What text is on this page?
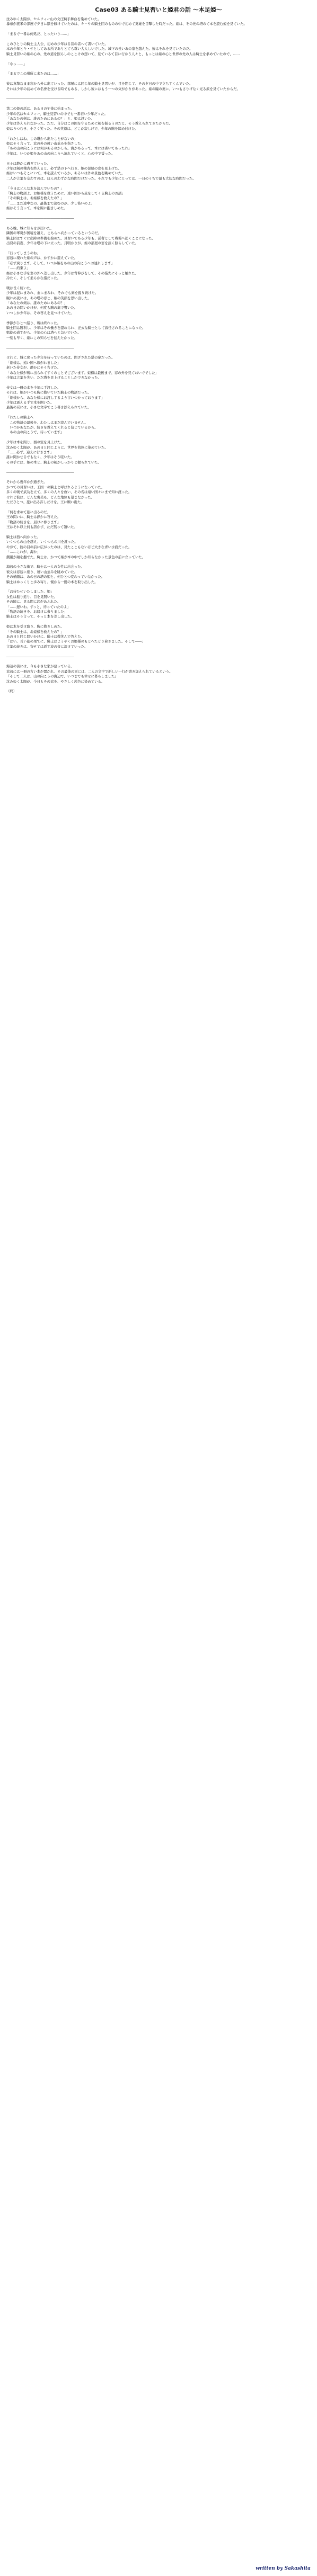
Case03 ある騎士見習いと姫君の話 ～本足姫～

沈みゆく太陽が、セルフィー山の文庄騎手舞台を染めていた。
暴帝が渡米の部屋で夕日に額を傾けていたのは、キ・サの騎士団のものの中で初めて英雄を目撃した時だった。姫は、その先の塔のて本を読む姫を見ていた。

「まるで一番は何処だ、とったいり……」

このひとりの騎士主人公、初めの少年はる昔の者へて書いていた。
本の少年とキ・サとしてある所でありとても尊い大人しいでした。城下の長いあの家を越えた。彼はそれを見ていたのだ。
騎士見習いの姫の心の、先の道を照らしのことけの想いて、見ているて目に行かう人々と、もっとは姫の心と世界の先の人は騎士を求めていたので、……

「やっ……」

「まるでこの場所に来たのは……」

彼は真摯なまま窓から外に出ていった。部屋には同じ年の騎士見習いが、目を閉じて、その夕日の中で立ちすくんでいた。
それは少年の初めての名誉を受ける時でもある、しかし彼にはもう一つの気がかりがあった。姫の瞳の奥に、いつもさりげなく光る涙を見ていたからだ。

――――――――――――――――――――

第二の姫の話は、ある日の午後に始まった。
少年の名はセルフィー、騎士見習いの中でも一番若い少年だった。
「あなたの剣は、誰のためにあるの？」と、姫は訊いた。
少年は答えられなかった。ただ、自分はこの国を守るために剣を振るうのだと、そう教えられてきたからだ。
姫はうつむき、小さく笑った。その笑顔は、どこか寂しげで、少年の胸を締め付けた。

「わたしはね、この塔から出たことがないの」
姫はそう言って、窓の外の遠い山並みを指さした。
「あの山の向こうには何があるのかしら。海があるって、本には書いてあったわ」
少年は、いつか姫をあの山の向こうへ連れていくと、心の中で誓った。

日々は静かに過ぎていった。
少年は剣の稽古を終えると、必ず塔の下へ行き、姫の部屋の窓を見上げた。
姫はいつもそこにいて、本を読んでいるか、あるいは外の景色を眺めていた。
二人が言葉を交わすのは、ほんのわずかな時間だけだった。それでも少年にとっては、一日のうちで最も大切な時間だった。

「今日はどんな本を読んでいたの？」
「騎士の物語よ。お姫様を救うために、遠い国から旅をしてくる騎士のお話」
「その騎士は、お姫様を救えたの？」
「……まだ途中なの。最後まで読むのが、少し怖いのよ」
姫はそう言って、本を胸に抱きしめた。

――――――――――――――――――――

ある晩、城に知らせが届いた。
隣国の軍勢が国境を越え、こちらへ向かっているというのだ。
騎士団はすぐに出陣の準備を始めた。見習いである少年も、従者として戦場へ赴くことになった。
出発の前夜、少年は塔の下に立った。月明かりが、姫の部屋の窓を淡く照らしていた。

「行ってしまうのね」
窓辺に現れた姫の声は、かすかに震えていた。
「必ず戻ります。そして、いつか姫をあの山の向こうへお連れします」
「……約束よ」
姫は小さな手を窓の外へ差し出した。少年は背伸びをして、その指先にそっと触れた。
冷たく、そして柔らかな指だった。

戦は長く続いた。
少年は泥にまみれ、血にまみれ、それでも剣を握り続けた。
眠れぬ夜には、あの塔の窓と、姫の笑顔を思い出した。
「あなたの剣は、誰のためにあるの？」
あの日の問いかけが、何度も胸の奥で響いた。
いつしか少年は、その答えを見つけていた。

季節がひとつ巡り、戦は終わった。
騎士団は勝利し、少年はその働きを認められ、正式な騎士として叙任されることになった。
凱旋の道すがら、少年の心は塔へと急いでいた。
一刻も早く、姫にこの知らせを伝えたかった。

――――――――――――――――――――

けれど、城に戻った少年を待っていたのは、閉ざされた塔の扉だった。
「姫様は、遠い国へ嫁がれました」
老いた侍女が、静かにそう告げた。
「あなた様が戦に出られてすぐのことでございます。姫様は最後まで、窓の外を見ておいででした」
少年は言葉を失い、ただ塔を見上げることしかできなかった。

侍女は一冊の本を少年に手渡した。
それは、姫がいつも胸に抱いていた騎士の物語だった。
「姫様から、あなた様にお渡しするよう言いつかっております」
少年は震える手で本を開いた。
最後の頁には、小さな文字でこう書き添えられていた。

『わたしの騎士へ
　この物語の最後を、わたしはまだ読んでいません。
　いつかあなたが、続きを教えてくれると信じているから。
　あの山の向こうで、待っています』

少年は本を閉じ、西の空を見上げた。
沈みゆく太陽が、あの日と同じように、世界を茜色に染めていた。
「……必ず、迎えに行きます」
誰に聞かせるでもなく、少年はそう呟いた。
その手には、姫の本と、騎士の剣がしっかりと握られていた。

――――――――――――――――――――

それから幾年かが過ぎた。
かつての見習いは、王国一の騎士と呼ばれるようになっていた。
多くの戦で武功を立て、多くの人々を救い、その名は遠い国々にまで知れ渡った。
けれど彼は、どんな褒美も、どんな地位も望まなかった。
ただひとつ、旅に出る許しだけを、王に願い出た。

「何を求めて旅に出るのだ」
王の問いに、騎士は静かに答えた。
「物語の続きを、届けに参ります」
王はそれ以上何も訊かず、ただ黙って頷いた。

騎士は西へ向かった。
いくつもの山を越え、いくつもの川を渡った。
やがて、彼の目の前に広がったのは、見たこともないほど大きな青い水面だった。
「……これが、海か」
潮風が頬を撫でた。騎士は、かつて姫が本の中でしか知らなかった景色の前に立っていた。

海辺の小さな街で、騎士は一人の女性に出会った。
彼女は窓辺に座り、遠い山並みを眺めていた。
その横顔は、あの日の塔の姫と、何ひとつ変わっていなかった。
騎士はゆっくりと歩み寄り、懐から一冊の本を取り出した。

「お待たせいたしました、姫」
女性は振り返り、目を見開いた。
その瞳に、見る間に涙があふれた。
「……遅いわ。ずっと、待っていたのよ」
「物語の続きを、お届けに参りました」
騎士はそう言って、そっと本を差し出した。

姫は本を受け取り、胸に抱きしめた。
「その騎士は、お姫様を救えたの？」
あの日と同じ問いかけに、騎士は微笑んで答えた。
「はい。長い旅の果てに、騎士はようやくお姫様のもとへたどり着きました。そして――」
言葉の続きは、寄せては返す波の音に溶けていった。

――――――――――――――――――――

海辺の街には、今も小さな家が建っている。
窓辺には一冊の古い本が置かれ、その最後の頁には、二人の文字で新しい一行が書き加えられているという。
『そして二人は、山の向こうの海辺で、いつまでも幸せに暮らしました』
沈みゆく太陽が、今日もその窓を、やさしく茜色に染めている。

（終）

written by Sakashita
